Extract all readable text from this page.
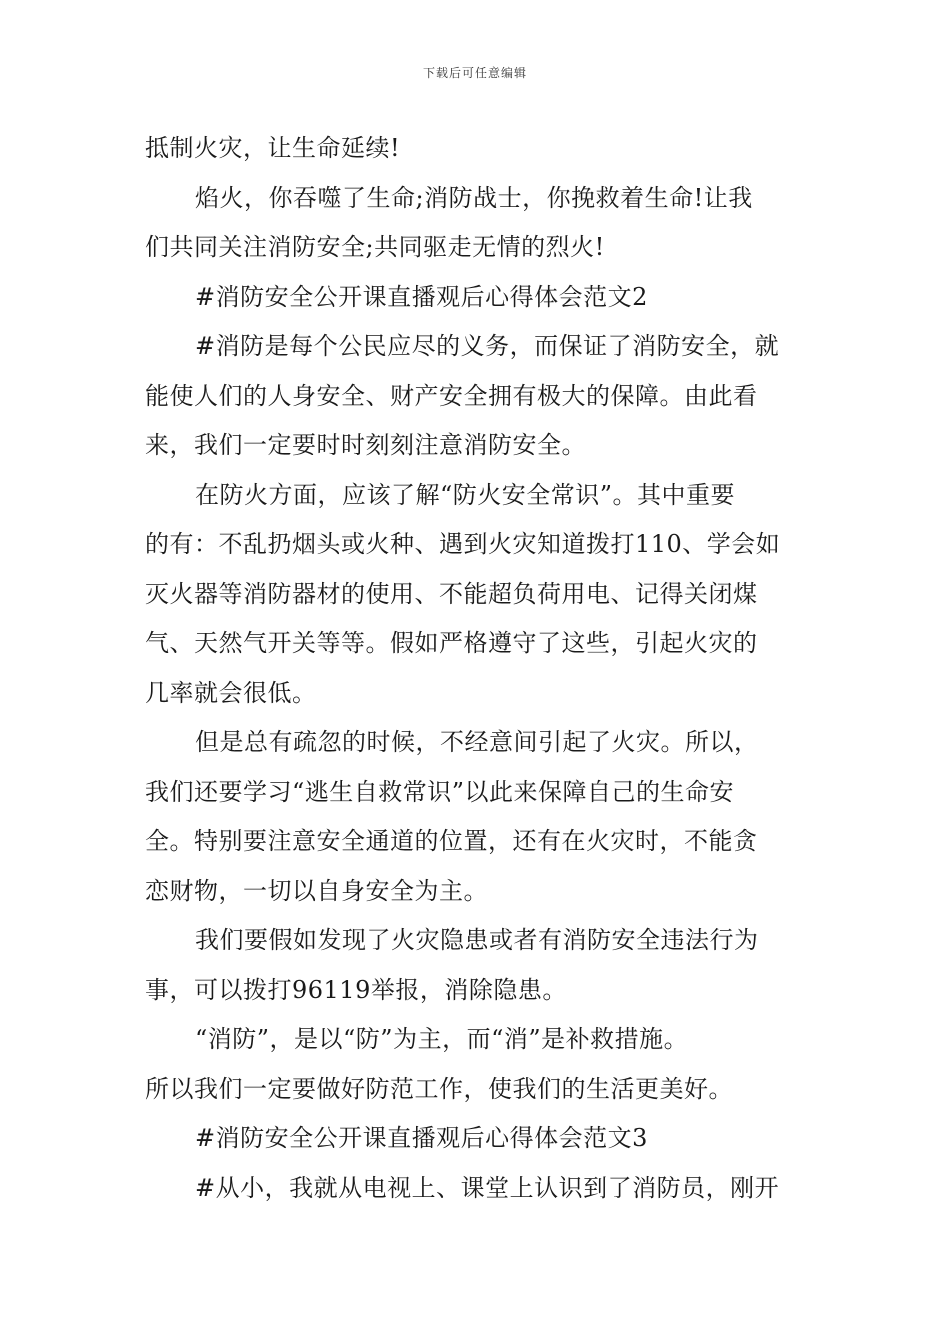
下载后可任意编辑
抵制火灾，让生命延续!
焰火，你吞噬了生命;消防战士，你挽救着生命!让我
们共同关注消防安全;共同驱走无情的烈火!
#消防安全公开课直播观后心得体会范文2
#消防是每个公民应尽的义务，而保证了消防安全，就
能使人们的人身安全、财产安全拥有极大的保障。由此看
来，我们一定要时时刻刻注意消防安全。
在防火方面，应该了解“防火安全常识”。其中重要
的有：不乱扔烟头或火种、遇到火灾知道拨打110、学会如
灭火器等消防器材的使用、不能超负荷用电、记得关闭煤
气、天然气开关等等。假如严格遵守了这些，引起火灾的
几率就会很低。
但是总有疏忽的时候，不经意间引起了火灾。所以，
我们还要学习“逃生自救常识”以此来保障自己的生命安
全。特别要注意安全通道的位置，还有在火灾时，不能贪
恋财物，一切以自身安全为主。
我们要假如发现了火灾隐患或者有消防安全违法行为
事，可以拨打96119举报，消除隐患。
“消防”，是以“防”为主，而“消”是补救措施。
所以我们一定要做好防范工作，使我们的生活更美好。
#消防安全公开课直播观后心得体会范文3
#从小，我就从电视上、课堂上认识到了消防员，刚开
